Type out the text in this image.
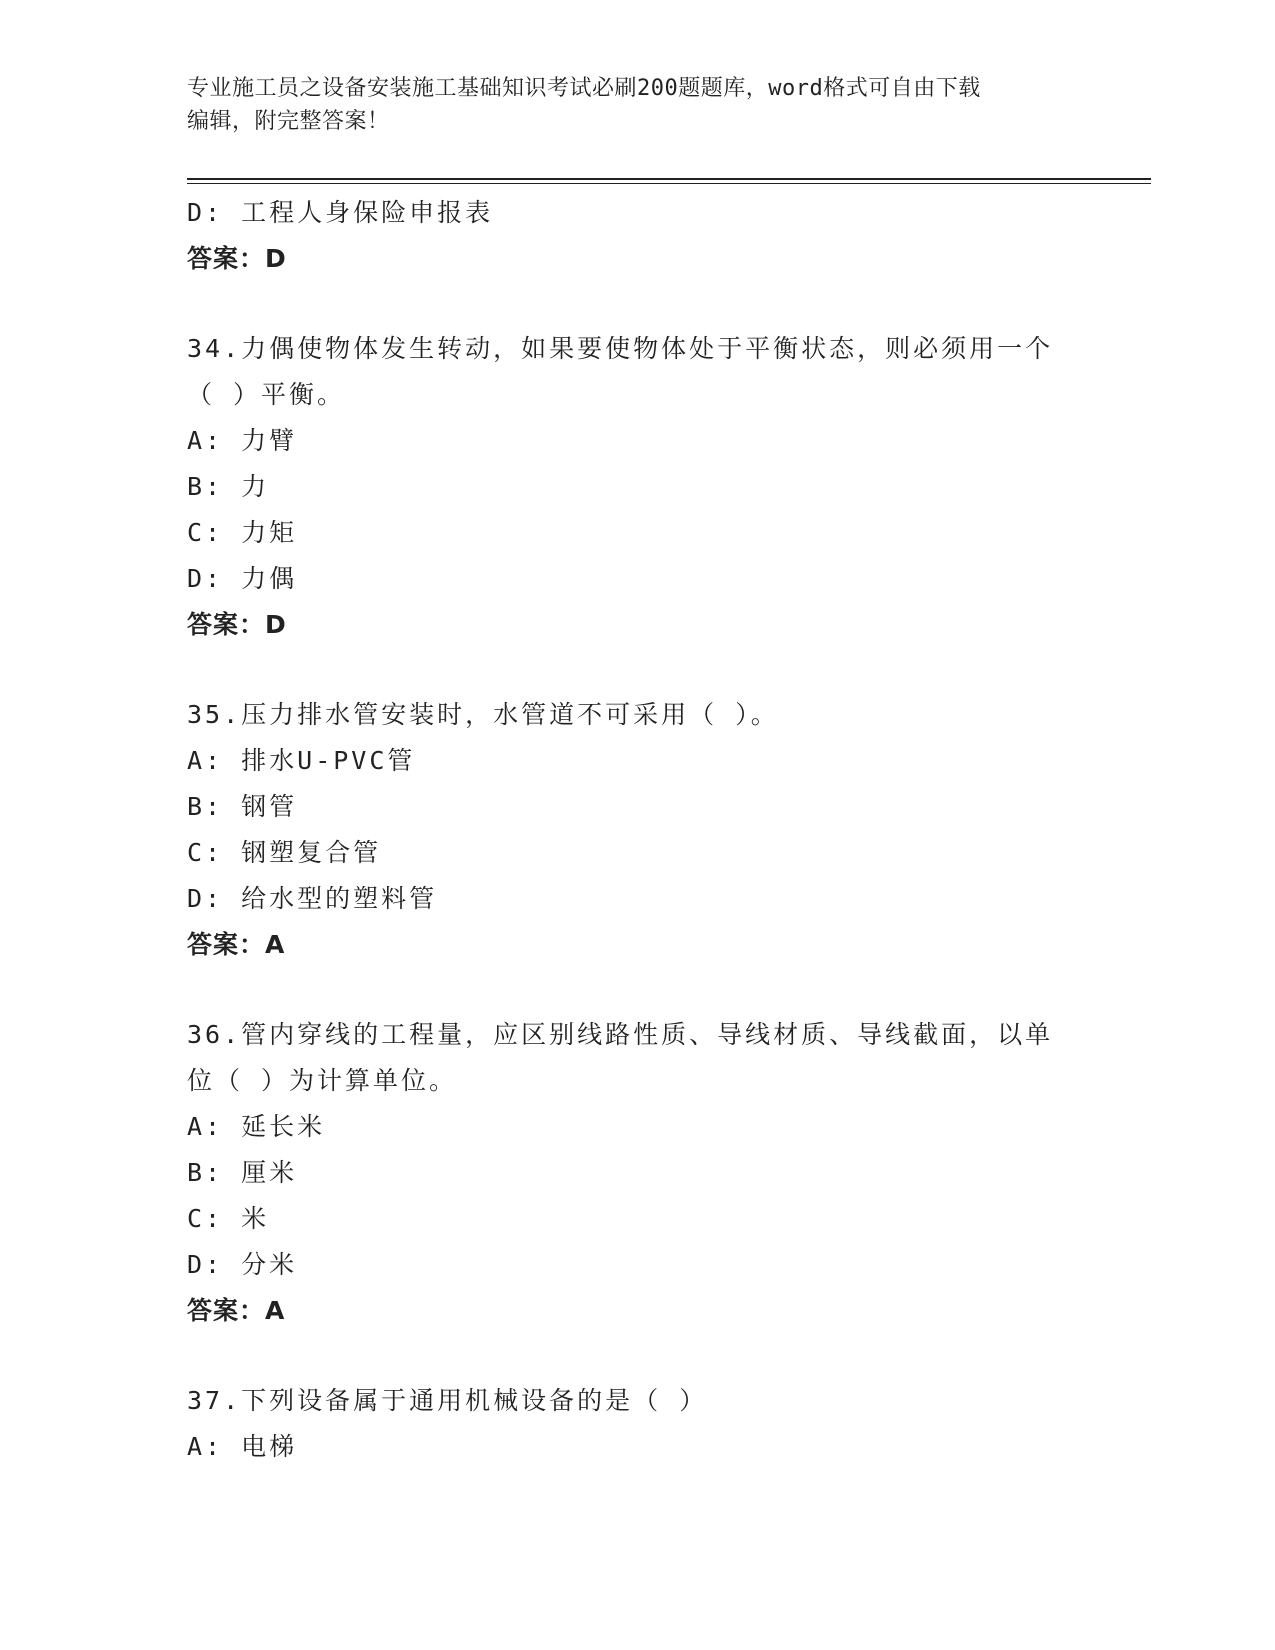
专业施工员之设备安装施工基础知识考试必刷200题题库，word格式可自由下载
编辑，附完整答案！
D: 工程人身保险申报表
答案：D
34.力偶使物体发生转动，如果要使物体处于平衡状态，则必须用一个
（ ）平衡。
A: 力臂
B: 力
C: 力矩
D: 力偶
答案：D
35.压力排水管安装时，水管道不可采用（ ）。
A: 排水U-PVC管
B: 钢管
C: 钢塑复合管
D: 给水型的塑料管
答案：A
36.管内穿线的工程量，应区别线路性质、导线材质、导线截面，以单
位（ ）为计算单位。
A: 延长米
B: 厘米
C: 米
D: 分米
答案：A
37.下列设备属于通用机械设备的是（ ）
A: 电梯
